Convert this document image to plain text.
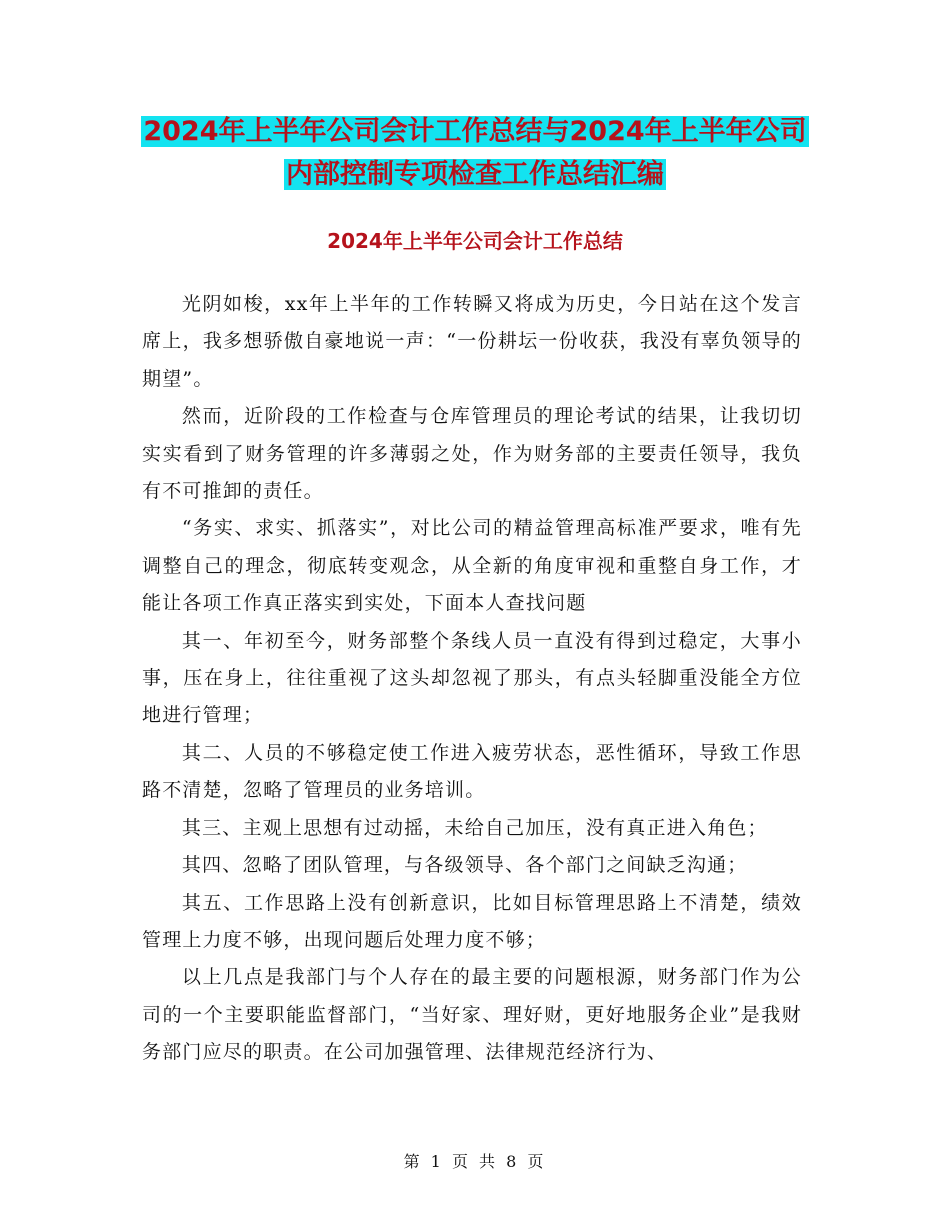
2024年上半年公司会计工作总结与2024年上半年公司
内部控制专项检查工作总结汇编
2024年上半年公司会计工作总结

光阴如梭，xx年上半年的工作转瞬又将成为历史，今日站在这个发言席上，我多想骄傲自豪地说一声：“一份耕坛一份收获，我没有辜负领导的期望”。

然而，近阶段的工作检查与仓库管理员的理论考试的结果，让我切切实实看到了财务管理的许多薄弱之处，作为财务部的主要责任领导，我负有不可推卸的责任。

“务实、求实、抓落实”，对比公司的精益管理高标准严要求，唯有先调整自己的理念，彻底转变观念，从全新的角度审视和重整自身工作，才能让各项工作真正落实到实处，下面本人查找问题

其一、年初至今，财务部整个条线人员一直没有得到过稳定，大事小事，压在身上，往往重视了这头却忽视了那头，有点头轻脚重没能全方位地进行管理；

其二、人员的不够稳定使工作进入疲劳状态，恶性循环，导致工作思路不清楚，忽略了管理员的业务培训。

其三、主观上思想有过动摇，未给自己加压，没有真正进入角色；

其四、忽略了团队管理，与各级领导、各个部门之间缺乏沟通；

其五、工作思路上没有创新意识，比如目标管理思路上不清楚，绩效管理上力度不够，出现问题后处理力度不够；

以上几点是我部门与个人存在的最主要的问题根源，财务部门作为公司的一个主要职能监督部门，“当好家、理好财，更好地服务企业”是我财务部门应尽的职责。在公司加强管理、法律规范经济行为、

第 1 页 共 8 页
